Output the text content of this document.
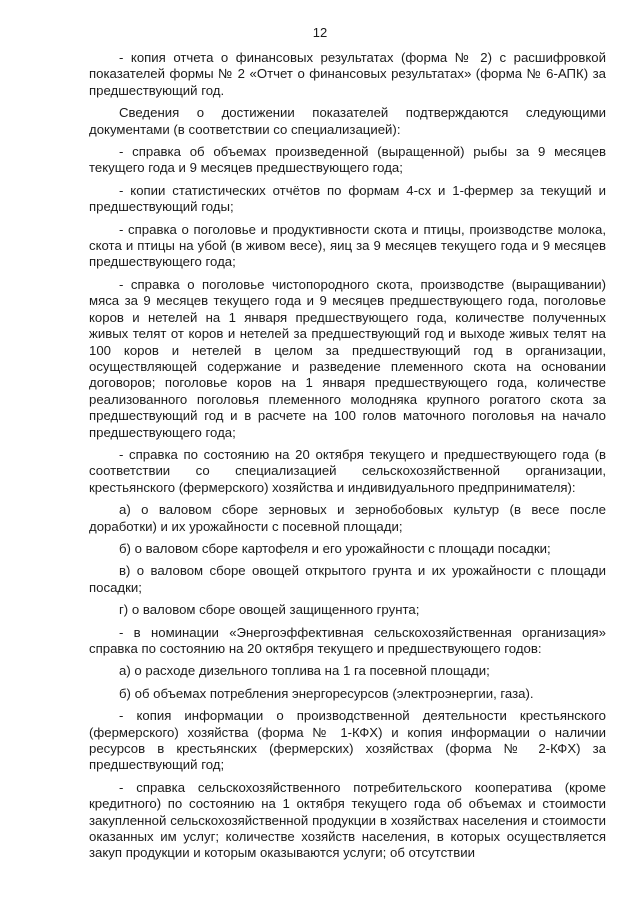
12

- копия отчета о финансовых результатах (форма № 2) с расшифровкой показателей формы № 2 «Отчет о финансовых результатах» (форма № 6-АПК) за предшествующий год.

Сведения о достижении показателей подтверждаются следующими документами (в соответствии со специализацией):

- справка об объемах произведенной (выращенной) рыбы за 9 месяцев текущего года и 9 месяцев предшествующего года;

- копии статистических отчётов по формам 4-сх и 1-фермер за текущий и предшествующий годы;

- справка о поголовье и продуктивности скота и птицы, производстве молока, скота и птицы на убой (в живом весе), яиц за 9 месяцев текущего года и 9 месяцев предшествующего года;

- справка о поголовье чистопородного скота, производстве (выращивании) мяса за 9 месяцев текущего года и 9 месяцев предшествующего года, поголовье коров и нетелей на 1 января предшествующего года, количестве полученных живых телят от коров и нетелей за предшествующий год и выходе живых телят на 100 коров и нетелей в целом за предшествующий год в организации, осуществляющей содержание и разведение племенного скота на основании договоров; поголовье коров на 1 января предшествующего года, количестве реализованного поголовья племенного молодняка крупного рогатого скота за предшествующий год и в расчете на 100 голов маточного поголовья на начало предшествующего года;

- справка по состоянию на 20 октября текущего и предшествующего года (в соответствии со специализацией сельскохозяйственной организации, крестьянского (фермерского) хозяйства и индивидуального предпринимателя):

а) о валовом сборе зерновых и зернобобовых культур (в весе после доработки) и их урожайности с посевной площади;

б) о валовом сборе картофеля и его урожайности с площади посадки;

в) о валовом сборе овощей открытого грунта и их урожайности с площади посадки;

г) о валовом сборе овощей защищенного грунта;

- в номинации «Энергоэффективная сельскохозяйственная организация» справка по состоянию на 20 октября текущего и предшествующего годов:

а) о расходе дизельного топлива на 1 га посевной площади;

б) об объемах потребления энергоресурсов (электроэнергии, газа).

- копия информации о производственной деятельности крестьянского (фермерского) хозяйства (форма № 1-КФХ) и копия информации о наличии ресурсов в крестьянских (фермерских) хозяйствах (форма № 2-КФХ) за предшествующий год;

- справка сельскохозяйственного потребительского кооператива (кроме кредитного) по состоянию на 1 октября текущего года об объемах и стоимости закупленной сельскохозяйственной продукции в хозяйствах населения и стоимости оказанных им услуг; количестве хозяйств населения, в которых осуществляется закуп продукции и которым оказываются услуги; об отсутствии
